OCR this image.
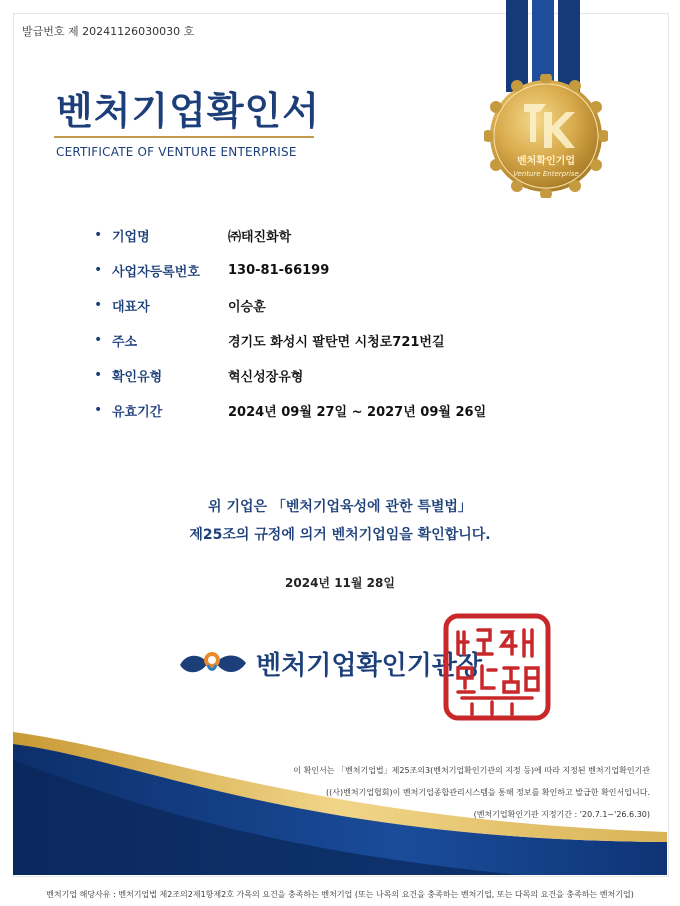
발급번호 제 20241126030030 호
벤처기업확인서
CERTIFICATE OF VENTURE ENTERPRISE
벤처확인기업
Venture Enterprise
• 기업명	㈜태진화학
• 사업자등록번호	130-81-66199
• 대표자	이승훈
• 주소	경기도 화성시 팔탄면 시청로721번길
• 확인유형	혁신성장유형
• 유효기간	2024년 09월 27일 ~ 2027년 09월 26일
위 기업은 「벤처기업육성에 관한 특별법」
제25조의 규정에 의거 벤처기업임을 확인합니다.
2024년 11월 28일
벤처기업확인기관장
이 확인서는 「벤처기업법」제25조의3(벤처기업확인기관의 지정 등)에 따라 지정된 벤처기업확인기관
((사)벤처기업협회)이 벤처기업종합관리시스템을 통해 정보를 확인하고 발급한 확인서입니다.
(벤처기업확인기관 지정기간 : '20.7.1~'26.6.30)
벤처기업 해당사유 : 벤처기업법 제2조의2제1항제2호 가목의 요건을 충족하는 벤처기업 (또는 나목의 요건을 충족하는 벤처기업, 또는 다목의 요건을 충족하는 벤처기업)
